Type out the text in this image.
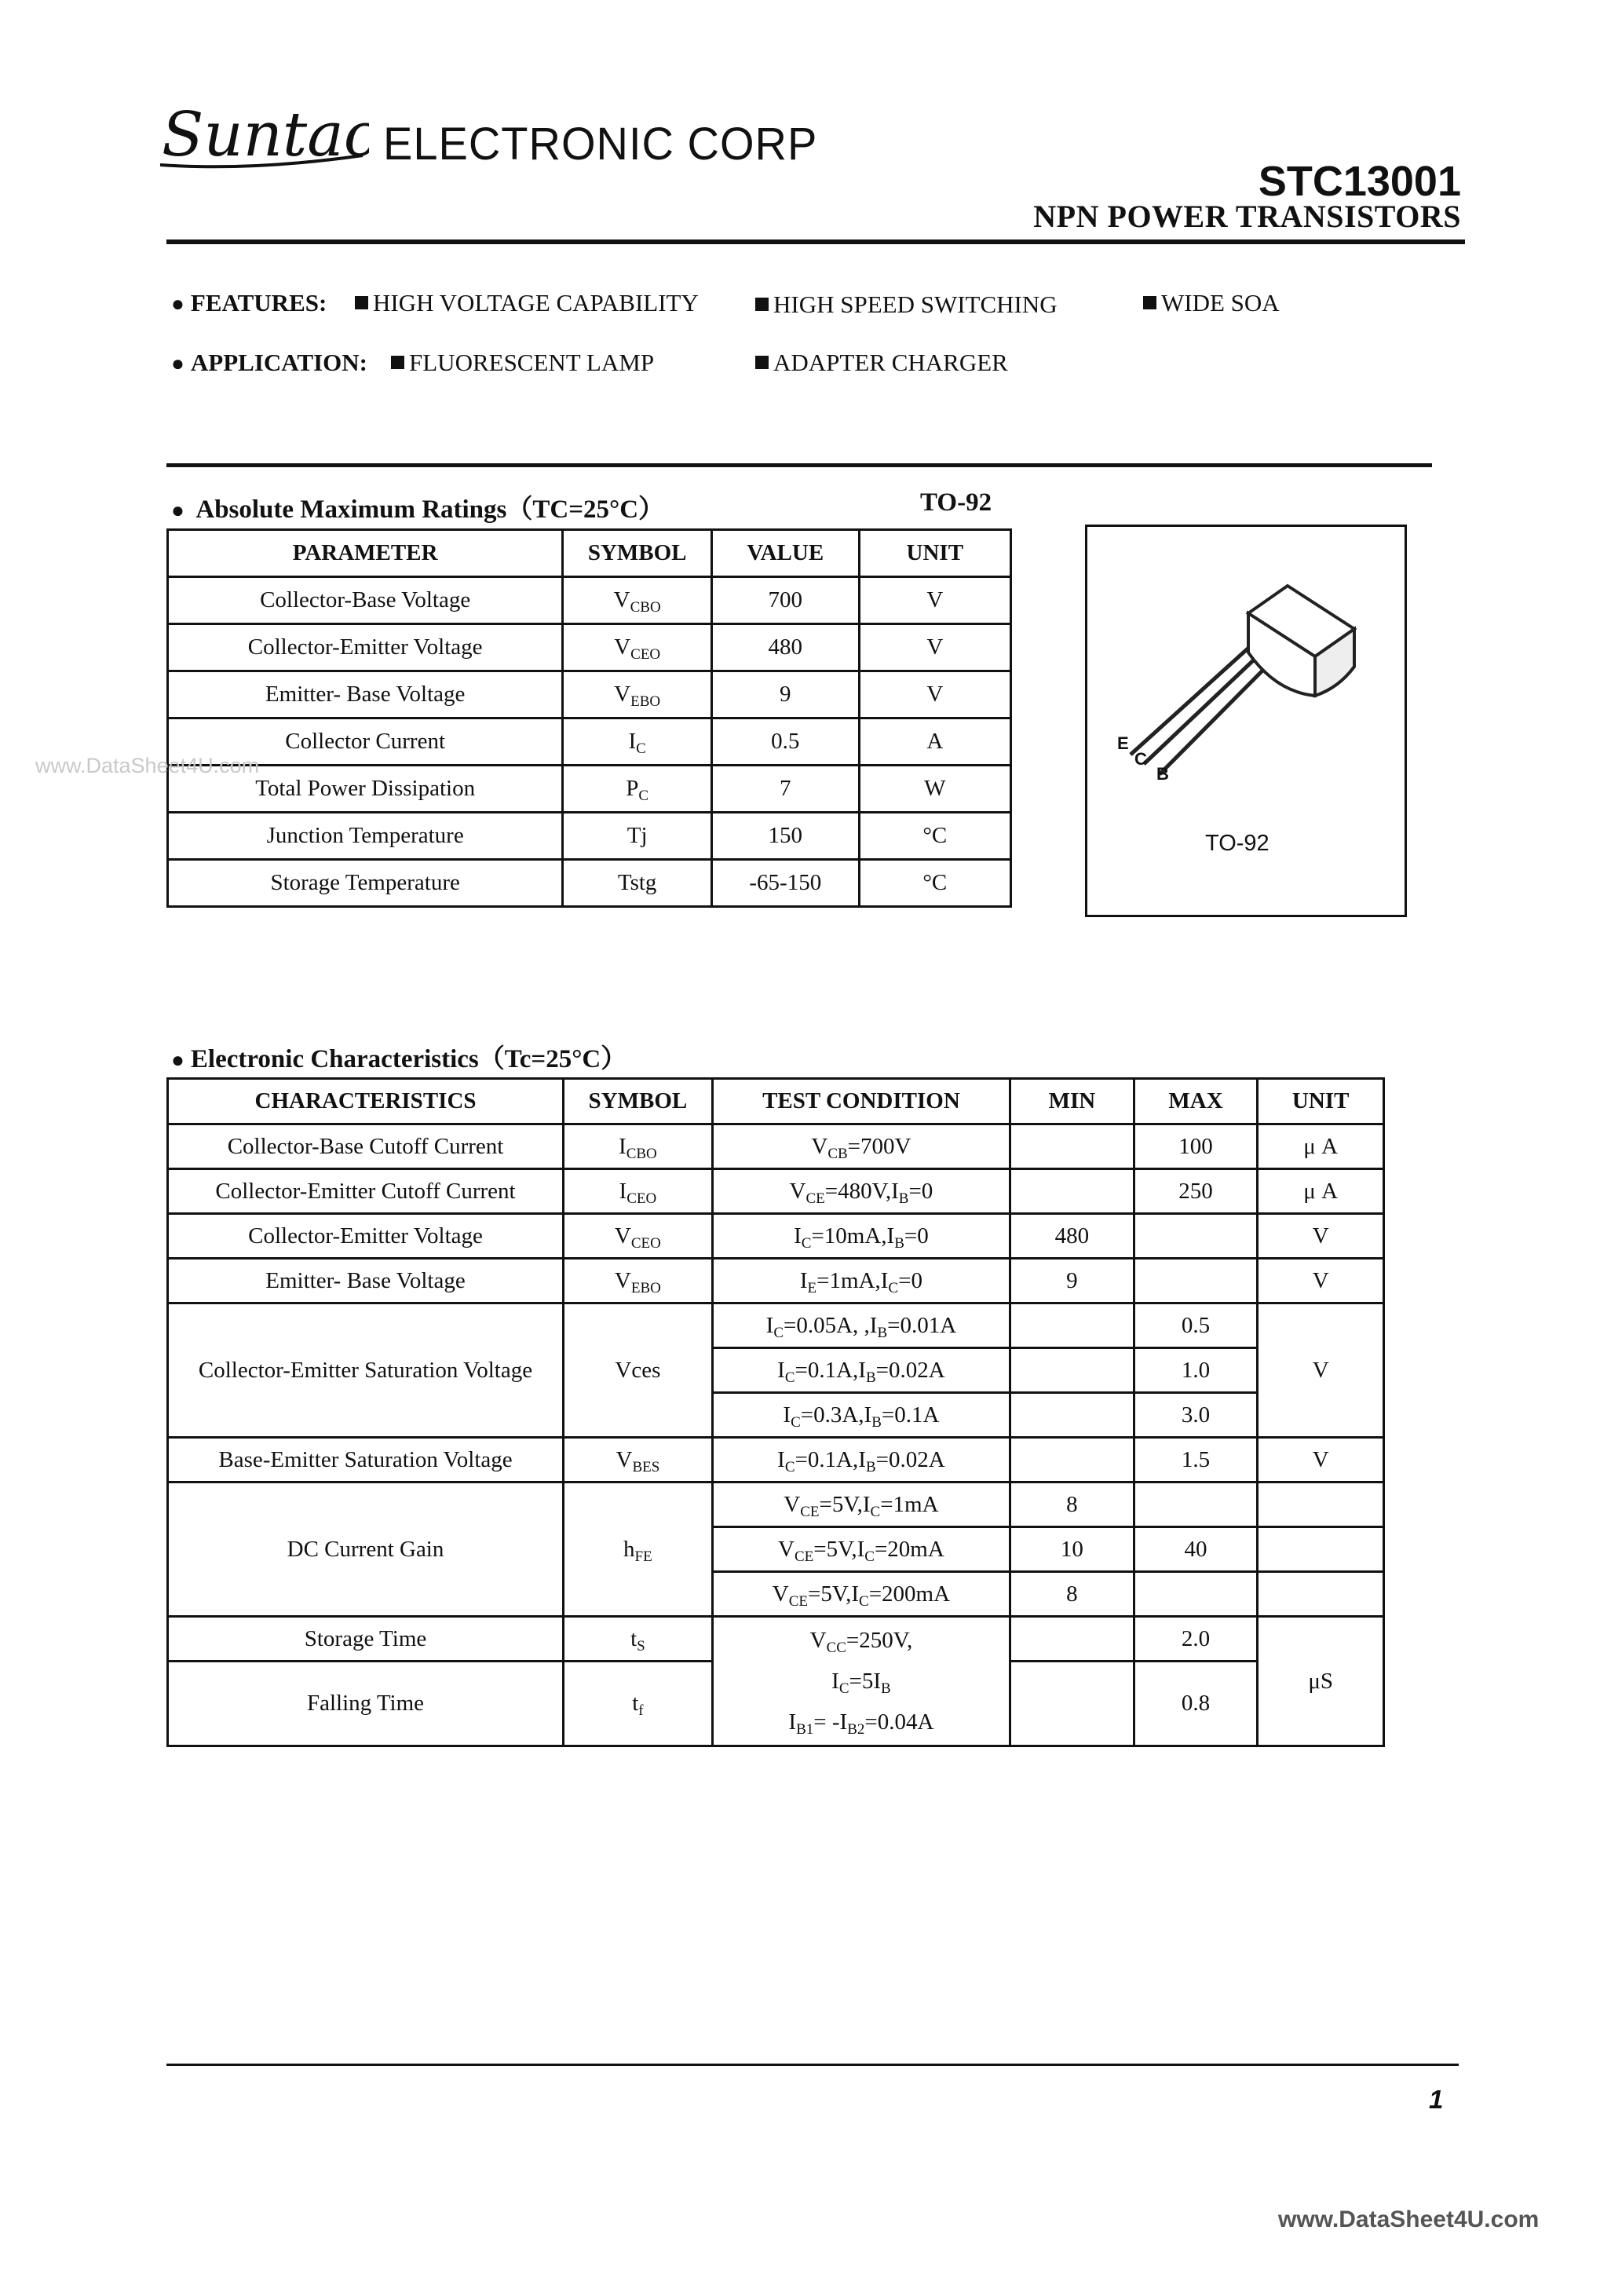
Suntac ELECTRONIC CORP
STC13001
NPN POWER TRANSISTORS
● FEATURES:	HIGH VOLTAGE CAPABILITY	HIGH SPEED SWITCHING	WIDE SOA
● APPLICATION:	FLUORESCENT LAMP	ADAPTER CHARGER
● Absolute Maximum Ratings（TC=25°C）	TO-92
PARAMETER	SYMBOL	VALUE	UNIT
Collector-Base Voltage	$V_{CBO}$	700	V
Collector-Emitter Voltage	$V_{CEO}$	480	V
Emitter- Base Voltage	$V_{EBO}$	9	V
Collector Current	$I_C$	0.5	A
Total Power Dissipation	$P_C$	7	W
Junction Temperature	Tj	150	°C
Storage Temperature	Tstg	-65-150	°C
E
C
B
TO-92
www.DataSheet4U.com
● Electronic Characteristics（Tc=25°C）
CHARACTERISTICS	SYMBOL	TEST CONDITION	MIN	MAX	UNIT
Collector-Base Cutoff Current	$I_{CBO}$	$V_{CB}=700V$		100	μ A
Collector-Emitter Cutoff Current	$I_{CEO}$	$V_{CE}=480V,I_B=0$		250	μ A
Collector-Emitter Voltage	$V_{CEO}$	$I_C=10mA,I_B=0$	480		V
Emitter- Base Voltage	$V_{EBO}$	$I_E=1mA,I_C=0$	9		V
Collector-Emitter Saturation Voltage	Vces	$I_C=0.05A$, $,I_B=0.01A$		0.5	V
		$I_C=0.1A,I_B=0.02A$		1.0	
		$I_C=0.3A,I_B=0.1A$		3.0	
Base-Emitter Saturation Voltage	$V_{BES}$	$I_C=0.1A,I_B=0.02A$		1.5	V
DC Current Gain	$h_{FE}$	$V_{CE}=5V,I_C=1mA$	8		
		$V_{CE}=5V,I_C=20mA$	10	40	
		$V_{CE}=5V,I_C=200mA$	8		
Storage Time	$t_S$	$V_{CC}=250V$,
$I_C=5I_B$
$I_{B1}= -I_{B2}=0.04A$		2.0	μS
Falling Time	$t_f$			0.8	
1
www.DataSheet4U.com
